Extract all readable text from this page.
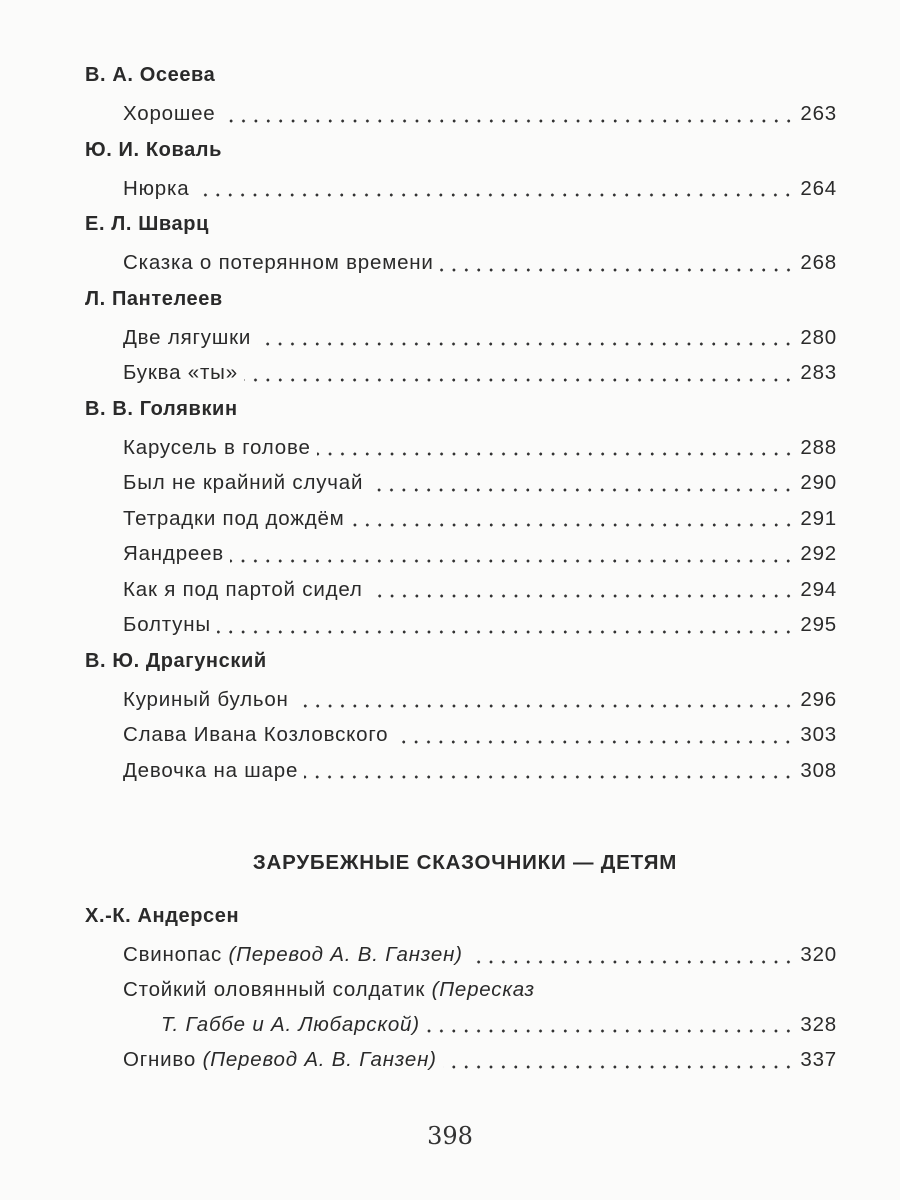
В. А. Осеева
Хорошее	263
Ю. И. Коваль
Нюрка	264
Е. Л. Шварц
Сказка о потерянном времени	268
Л. Пантелеев
Две лягушки	280
Буква «ты»	283
В. В. Голявкин
Карусель в голове	288
Был не крайний случай	290
Тетрадки под дождём	291
Яандреев	292
Как я под партой сидел	294
Болтуны	295
В. Ю. Драгунский
Куриный бульон	296
Слава Ивана Козловского	303
Девочка на шаре	308
ЗАРУБЕЖНЫЕ СКАЗОЧНИКИ — ДЕТЯМ
Х.-К. Андерсен
Свинопас (Перевод А. В. Ганзен)	320
Стойкий оловянный солдатик (Пересказ
Т. Габбе и А. Любарской)	328
Огниво (Перевод А. В. Ганзен)	337
398
